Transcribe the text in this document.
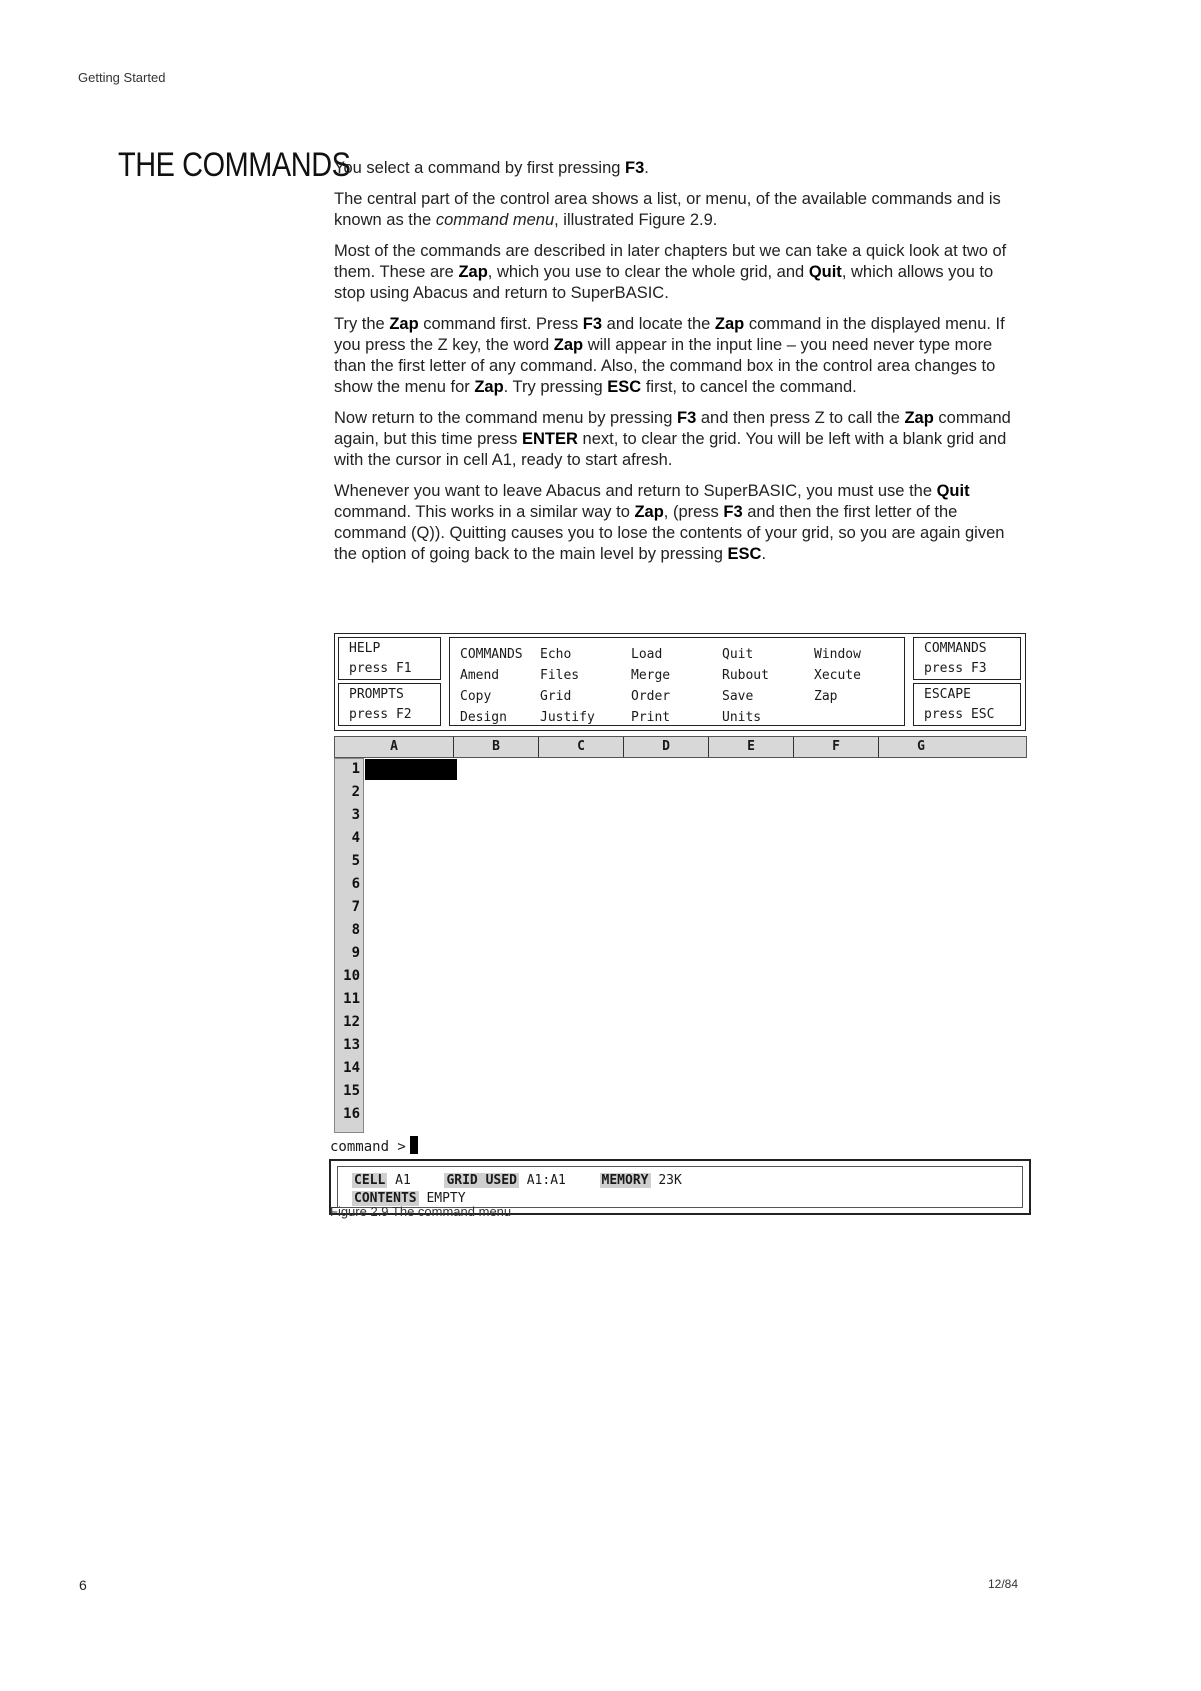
Getting Started
THE COMMANDS

You select a command by first pressing F3.

The central part of the control area shows a list, or menu, of the available commands and is known as the command menu, illustrated Figure 2.9.

Most of the commands are described in later chapters but we can take a quick look at two of them. These are Zap, which you use to clear the whole grid, and Quit, which allows you to stop using Abacus and return to SuperBASIC.

Try the Zap command first. Press F3 and locate the Zap command in the displayed menu. If you press the Z key, the word Zap will appear in the input line – you need never type more than the first letter of any command. Also, the command box in the control area changes to show the menu for Zap. Try pressing ESC first, to cancel the command.

Now return to the command menu by pressing F3 and then press Z to call the Zap command again, but this time press ENTER next, to clear the grid. You will be left with a blank grid and with the cursor in cell A1, ready to start afresh.

Whenever you want to leave Abacus and return to SuperBASIC, you must use the Quit command. This works in a similar way to Zap, (press F3 and then the first letter of the command (Q)). Quitting causes you to lose the contents of your grid, so you are again given the option of going back to the main level by pressing ESC.

HELP
press F1
PROMPTS
press F2
COMMANDS	Echo	Load	Quit	Window
Amend	Files	Merge	Rubout	Xecute
Copy	Grid	Order	Save	Zap
Design	Justify	Print	Units
COMMANDS
press F3
ESCAPE
press ESC
A	B	C	D	E	F	G
1
2
3
4
5
6
7
8
9
10
11
12
13
14
15
16
command >
CELL A1	GRID USED A1:A1	MEMORY 23K
CONTENTS EMPTY
Figure 2.9 The command menu
6	12/84
